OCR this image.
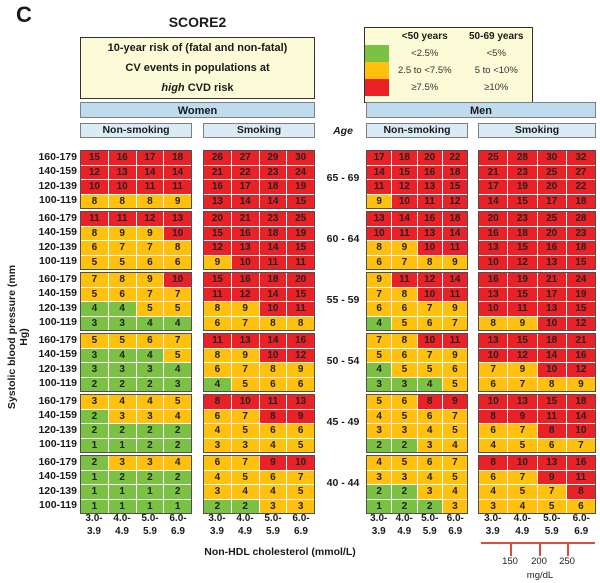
C	SCORE2
10-year risk of (fatal and non-fatal)
CV events in populations at
high CVD risk
<50 years	50-69 years
<2.5%	<5%
2.5 to <7.5%	5 to <10%
≥7.5%	≥10%
Women	Men
Non-smoking	Smoking	Non-smoking	Smoking
Age
Systolic blood pressure (mm Hg)
Non-HDL cholesterol (mmol/L)
150	200	250
mg/dL
160-179
140-159
120-139
100-119
65 - 69
15	16	17	18
12	13	14	14
10	10	11	11
8	8	8	9
26	27	29	30
21	22	23	24
16	17	18	19
13	14	14	15
17	18	20	22
14	15	16	18
11	12	13	15
9	10	11	12
25	28	30	32
21	23	25	27
17	19	20	22
14	15	17	18
160-179
140-159
120-139
100-119
60 - 64
11	11	12	13
8	9	9	10
6	7	7	8
5	5	6	6
20	21	23	25
15	16	18	19
12	13	14	15
9	10	11	11
13	14	16	18
10	11	13	14
8	9	10	11
6	7	8	9
20	23	25	28
16	18	20	23
13	15	16	18
10	12	13	15
160-179
140-159
120-139
100-119
55 - 59
7	8	9	10
5	6	7	7
4	4	5	5
3	3	4	4
15	16	18	20
11	12	14	15
8	9	10	11
6	7	8	8
9	11	12	14
7	8	10	11
6	6	7	9
4	5	6	7
16	19	21	24
13	15	17	19
10	11	13	15
8	9	10	12
160-179
140-159
120-139
100-119
50 - 54
5	5	6	7
3	4	4	5
3	3	3	4
2	2	2	3
11	13	14	16
8	9	10	12
6	7	8	9
4	5	6	6
7	8	10	11
5	6	7	9
4	5	5	6
3	3	4	5
13	15	18	21
10	12	14	16
7	9	10	12
6	7	8	9
160-179
140-159
120-139
100-119
45 - 49
3	4	4	5
2	3	3	4
2	2	2	2
1	1	2	2
8	10	11	13
6	7	8	9
4	5	6	6
3	3	4	5
5	6	8	9
4	5	6	7
3	3	4	5
2	2	3	4
10	13	15	18
8	9	11	14
6	7	8	10
4	5	6	7
160-179
140-159
120-139
100-119
40 - 44
2	3	3	4
1	2	2	2
1	1	1	2
1	1	1	1
6	7	9	10
4	5	6	7
3	4	4	5
2	2	3	3
4	5	6	7
3	3	4	5
2	2	3	4
1	2	2	3
8	10	13	16
6	7	9	11
4	5	7	8
3	4	5	6
3.0-	4.0-	5.0-	6.0-
3.9	4.9	5.9	6.9
3.0-	4.0-	5.0-	6.0-
3.9	4.9	5.9	6.9
3.0- 4.0- 5.0- 6.0-
3.9	4.9	5.9	6.9
3.0-	4.0-	5.0-	6.0-
3.9	4.9	5.9	6.9
